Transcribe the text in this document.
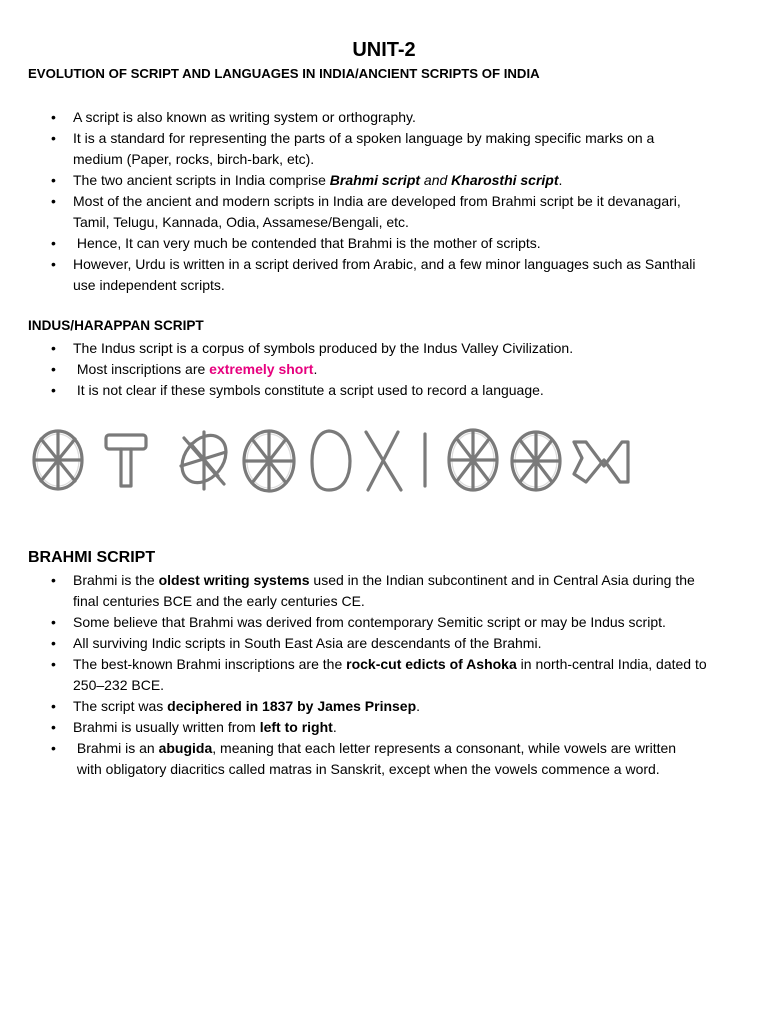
UNIT-2
EVOLUTION OF SCRIPT AND LANGUAGES IN INDIA/ANCIENT SCRIPTS OF INDIA
• A script is also known as writing system or orthography.
• It is a standard for representing the parts of a spoken language by making specific marks on a
medium (Paper, rocks, birch-bark, etc).
• The two ancient scripts in India comprise Brahmi script and Kharosthi script.
• Most of the ancient and modern scripts in India are developed from Brahmi script be it devanagari,
Tamil, Telugu, Kannada, Odia, Assamese/Bengali, etc.
• Hence, It can very much be contended that Brahmi is the mother of scripts.
• However, Urdu is written in a script derived from Arabic, and a few minor languages such as Santhali
use independent scripts.
INDUS/HARAPPAN SCRIPT
• The Indus script is a corpus of symbols produced by the Indus Valley Civilization.
• Most inscriptions are extremely short.
• It is not clear if these symbols constitute a script used to record a language.
BRAHMI SCRIPT
• Brahmi is the oldest writing systems used in the Indian subcontinent and in Central Asia during the
final centuries BCE and the early centuries CE.
• Some believe that Brahmi was derived from contemporary Semitic script or may be Indus script.
• All surviving Indic scripts in South East Asia are descendants of the Brahmi.
• The best-known Brahmi inscriptions are the rock-cut edicts of Ashoka in north-central India, dated to
250–232 BCE.
• The script was deciphered in 1837 by James Prinsep.
• Brahmi is usually written from left to right.
• Brahmi is an abugida, meaning that each letter represents a consonant, while vowels are written
with obligatory diacritics called matras in Sanskrit, except when the vowels commence a word.
